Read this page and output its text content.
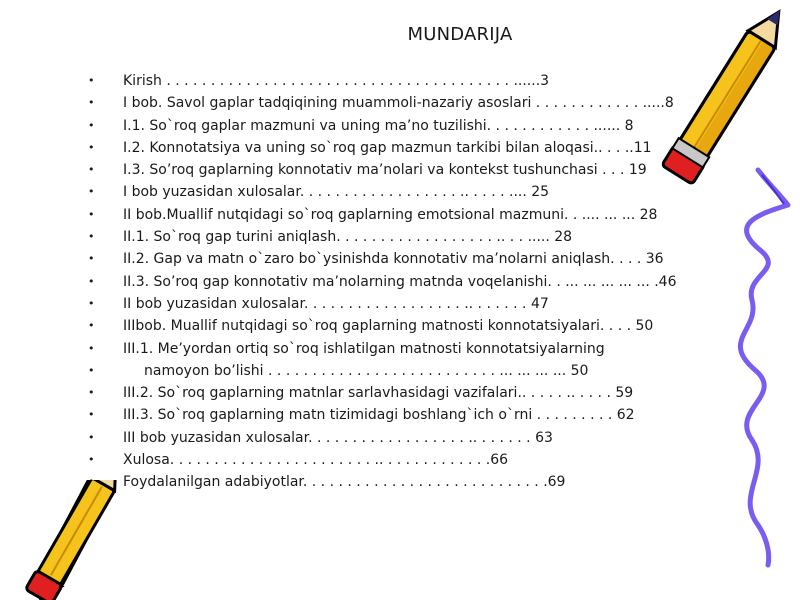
MUNDARIJA
• Kirish . . . . . . . . . . . . . . . . . . . . . . . . . . . . . . . . . . . . . . . ......3
• I bob. Savol gaplar tadqiqining muammoli-nazariy asoslari . . . . . . . . . . . . .....8
• I.1. So`roq gaplar mazmuni va uning ma’no tuzilishi. . . . . . . . . . . . ...... 8
• I.2. Konnotatsiya va uning so`roq gap mazmun tarkibi bilan aloqasi.. . . ..11
• I.3. So’roq gaplarning konnotativ ma’nolari va kontekst tushunchasi . . . 19
• I bob yuzasidan xulosalar. . . . . . . . . . . . . . . . . . .. . . . . .... 25
• II bob.Muallif nutqidagi so`roq gaplarning emotsional mazmuni. . .... ... ... 28
• II.1. So`roq gap turini aniqlash. . . . . . . . . . . . . . . . . . .. . . ..... 28
• II.2. Gap va matn o`zaro bo`ysinishda konnotativ ma’nolarni aniqlash. . . . 36
• II.3. So’roq gap konnotativ ma’nolarning matnda voqelanishi. . ... ... ... ... ... .46
• II bob yuzasidan xulosalar. . . . . . . . . . . . . . . . . . .. . . . . . . 47
• IIIbob. Muallif nutqidagi so`roq gaplarning matnosti konnotatsiyalari. . . . 50
• III.1. Me’yordan ortiq so`roq ishlatilgan matnosti konnotatsiyalarning
•	namoyon bo’lishi . . . . . . . . . . . . . . . . . . . . . . . . . . ... ... ... ... 50
• III.2. So`roq gaplarning matnlar sarlavhasidagi vazifalari.. . . . . .. . . . . 59
• III.3. So`roq gaplarning matn tizimidagi boshlang`ich o`rni . . . . . . . . . 62
• III bob yuzasidan xulosalar. . . . . . . . . . . . . . . . . . .. . . . . . . 63
• Xulosa. . . . . . . . . . . . . . . . . . . . . . . .. . . . . . . . . . . . .66
Foydalanilgan adabiyotlar. . . . . . . . . . . . . . . . . . . . . . . . . . . .69
